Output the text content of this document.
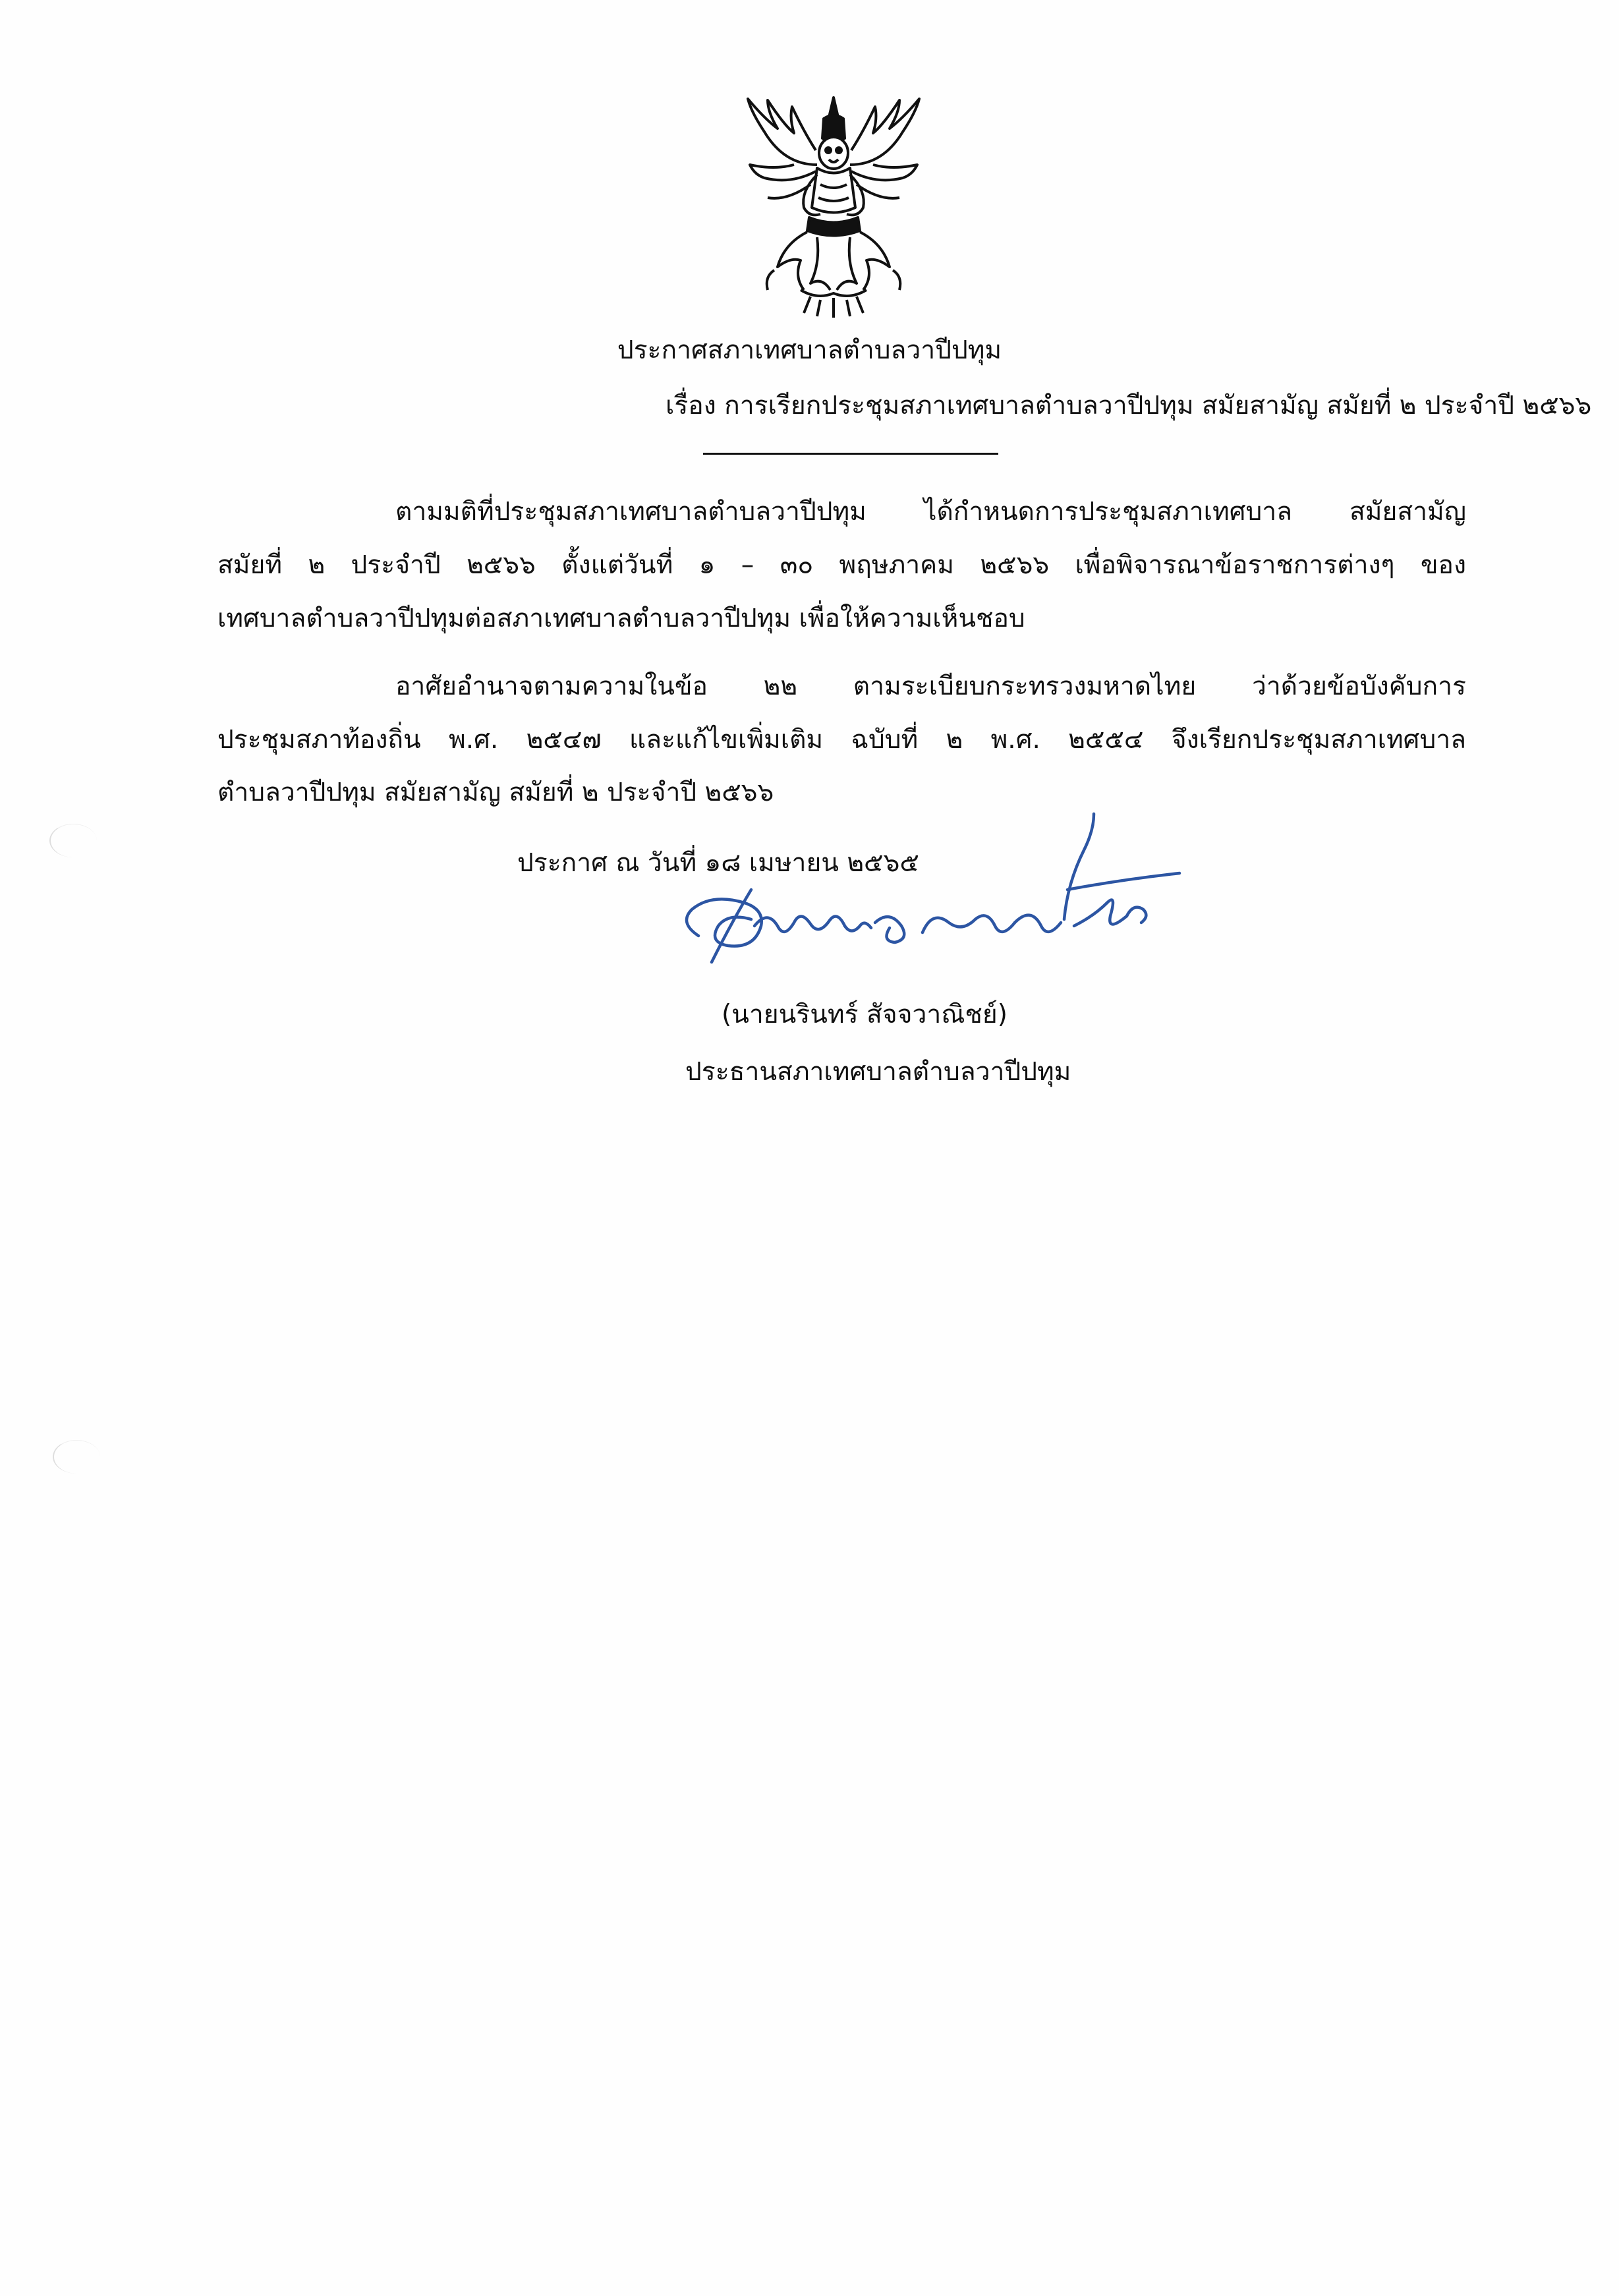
ประกาศสภาเทศบาลตำบลวาปีปทุม
เรื่อง การเรียกประชุมสภาเทศบาลตำบลวาปีปทุม สมัยสามัญ สมัยที่ ๒ ประจำปี ๒๕๖๖
ตามมติที่ประชุมสภาเทศบาลตำบลวาปีปทุม ได้กำหนดการประชุมสภาเทศบาล สมัยสามัญ
สมัยที่ ๒ ประจำปี ๒๕๖๖ ตั้งแต่วันที่ ๑ – ๓๐ พฤษภาคม ๒๕๖๖ เพื่อพิจารณาข้อราชการต่างๆ ของ
เทศบาลตำบลวาปีปทุมต่อสภาเทศบาลตำบลวาปีปทุม เพื่อให้ความเห็นชอบ
อาศัยอำนาจตามความในข้อ ๒๒ ตามระเบียบกระทรวงมหาดไทย ว่าด้วยข้อบังคับการ
ประชุมสภาท้องถิ่น พ.ศ. ๒๕๔๗ และแก้ไขเพิ่มเติม ฉบับที่ ๒ พ.ศ. ๒๕๕๔ จึงเรียกประชุมสภาเทศบาล
ตำบลวาปีปทุม สมัยสามัญ สมัยที่ ๒ ประจำปี ๒๕๖๖
ประกาศ ณ วันที่ ๑๘ เมษายน ๒๕๖๕
(นายนรินทร์ สัจจวาณิชย์)
ประธานสภาเทศบาลตำบลวาปีปทุม
